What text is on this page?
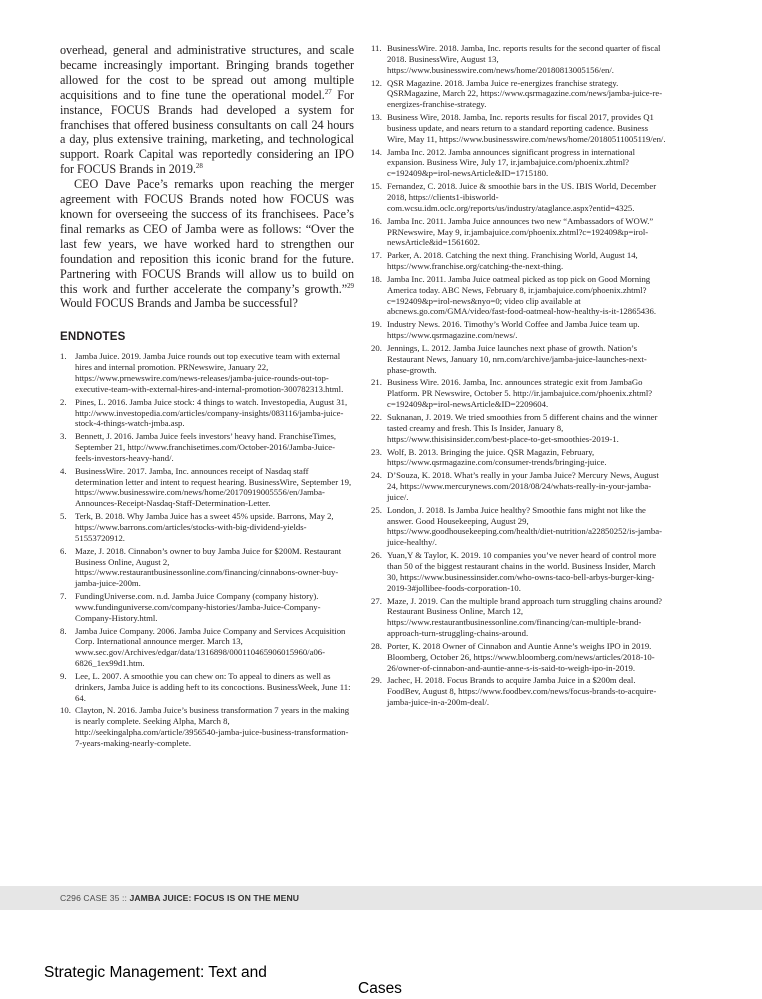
overhead, general and administrative structures, and scale became increasingly important. Bringing brands together allowed for the cost to be spread out among multiple acquisitions and to fine tune the operational model.$^{27}$ For instance, FOCUS Brands had developed a system for franchises that offered business consultants on call 24 hours a day, plus extensive training, marketing, and technological support. Roark Capital was reportedly considering an IPO for FOCUS Brands in 2019.28

CEO Dave Pace’s remarks upon reaching the merger agreement with FOCUS Brands noted how FOCUS was known for overseeing the success of its franchisees. Pace’s final remarks as CEO of Jamba were as follows: “Over the last few years, we have worked hard to strengthen our foundation and reposition this iconic brand for the future. Partnering with FOCUS Brands will allow us to build on this work and further accelerate the company’s growth.”$^{29}$ Would FOCUS Brands and Jamba be successful?

ENDNOTES
1. Jamba Juice. 2019. Jamba Juice rounds out top executive team with external hires and internal promotion. PRNewswire, January 22, https://www.prnewswire.com/news-releases/jamba-juice-rounds-out-top-executive-team-with-external-hires-and-internal-promotion-300782313.html.
2. Pines, L. 2016. Jamba Juice stock: 4 things to watch. Investopedia, August 31, http://www.investopedia.com/articles/company-insights/083116/jamba-juice-stock-4-things-watch-jmba.asp.
3. Bennett, J. 2016. Jamba Juice feels investors’ heavy hand. FranchiseTimes, September 21, http://www.franchisetimes.com/October-2016/Jamba-Juice-feels-investors-heavy-hand/.
4. BusinessWire. 2017. Jamba, Inc. announces receipt of Nasdaq staff determination letter and intent to request hearing. BusinessWire, September 19, https://www.businesswire.com/news/home/20170919005556/en/Jamba-Announces-Receipt-Nasdaq-Staff-Determination-Letter.
5. Terk, B. 2018. Why Jamba Juice has a sweet 45% upside. Barrons, May 2, https://www.barrons.com/articles/stocks-with-big-dividend-yields-51553720912.
6. Maze, J. 2018. Cinnabon’s owner to buy Jamba Juice for $200M. Restaurant Business Online, August 2, https://www.restaurantbusinessonline.com/financing/cinnabons-owner-buy-jamba-juice-200m.
7. FundingUniverse.com. n.d. Jamba Juice Company (company history). www.fundinguniverse.com/company-histories/Jamba-Juice-Company-Company-History.html.
8. Jamba Juice Company. 2006. Jamba Juice Company and Services Acquisition Corp. International announce merger. March 13, www.sec.gov/Archives/edgar/data/1316898/000110465906015960/a06-6826_1ex99d1.htm.
9. Lee, L. 2007. A smoothie you can chew on: To appeal to diners as well as drinkers, Jamba Juice is adding heft to its concoctions. BusinessWeek, June 11: 64.
10. Clayton, N. 2016. Jamba Juice’s business transformation 7 years in the making is nearly complete. Seeking Alpha, March 8, http://seekingalpha.com/article/3956540-jamba-juice-business-transformation-7-years-making-nearly-complete.
11. BusinessWire. 2018. Jamba, Inc. reports results for the second quarter of fiscal 2018. BusinessWire, August 13, https://www.businesswire.com/news/home/20180813005156/en/.
12. QSR Magazine. 2018. Jamba Juice re-energizes franchise strategy. QSRMagazine, March 22, https://www.qsrmagazine.com/news/jamba-juice-re-energizes-franchise-strategy.
13. Business Wire, 2018. Jamba, Inc. reports results for fiscal 2017, provides Q1 business update, and nears return to a standard reporting cadence. Business Wire, May 11, https://www.businesswire.com/news/home/20180511005119/en/.
14. Jamba Inc. 2012. Jamba announces significant progress in international expansion. Business Wire, July 17, ir.jambajuice.com/phoenix.zhtml?c=192409&p=irol-newsArticle&ID=1715180.
15. Fernandez, C. 2018. Juice & smoothie bars in the US. IBIS World, December 2018, https://clients1-ibisworld-com.wcsu.idm.oclc.org/reports/us/industry/ataglance.aspx?entid=4325.
16. Jamba Inc. 2011. Jamba Juice announces two new “Ambassadors of WOW.” PRNewswire, May 9, ir.jambajuice.com/phoenix.zhtml?c=192409&p=irol-newsArticle&id=1561602.
17. Parker, A. 2018. Catching the next thing. Franchising World, August 14, https://www.franchise.org/catching-the-next-thing.
18. Jamba Inc. 2011. Jamba Juice oatmeal picked as top pick on Good Morning America today. ABC News, February 8, ir.jambajuice.com/phoenix.zhtml?c=192409&p=irol-news&nyo=0; video clip available at abcnews.go.com/GMA/video/fast-food-oatmeal-how-healthy-is-it-12865436.
19. Industry News. 2016. Timothy’s World Coffee and Jamba Juice team up. https://www.qsrmagazine.com/news/.
20. Jennings, L. 2012. Jamba Juice launches next phase of growth. Nation’s Restaurant News, January 10, nrn.com/archive/jamba-juice-launches-next-phase-growth.
21. Business Wire. 2016. Jamba, Inc. announces strategic exit from JambaGo Platform. PR Newswire, October 5. http://ir.jambajuice.com/phoenix.zhtml?c=192409&p=irol-newsArticle&ID=2209604.
22. Suknanan, J. 2019. We tried smoothies from 5 different chains and the winner tasted creamy and fresh. This Is Insider, January 8, https://www.thisisinsider.com/best-place-to-get-smoothies-2019-1.
23. Wolf, B. 2013. Bringing the juice. QSR Magazin, February, https://www.qsrmagazine.com/consumer-trends/bringing-juice.
24. D’Souza, K. 2018. What’s really in your Jamba Juice? Mercury News, August 24, https://www.mercurynews.com/2018/08/24/whats-really-in-your-jamba-juice/.
25. London, J. 2018. Is Jamba Juice healthy? Smoothie fans might not like the answer. Good Housekeeping, August 29, https://www.goodhousekeeping.com/health/diet-nutrition/a22850252/is-jamba-juice-healthy/.
26. Yuan,Y & Taylor, K. 2019. 10 companies you’ve never heard of control more than 50 of the biggest restaurant chains in the world. Business Insider, March 30, https://www.businessinsider.com/who-owns-taco-bell-arbys-burger-king-2019-3#jollibee-foods-corporation-10.
27. Maze, J. 2019. Can the multiple brand approach turn struggling chains around? Restaurant Business Online, March 12, https://www.restaurantbusinessonline.com/financing/can-multiple-brand-approach-turn-struggling-chains-around.
28. Porter, K. 2018 Owner of Cinnabon and Auntie Anne’s weighs IPO in 2019. Bloomberg, October 26, https://www.bloomberg.com/news/articles/2018-10-26/owner-of-cinnabon-and-auntie-anne-s-is-said-to-weigh-ipo-in-2019.
29. Jachec, H. 2018. Focus Brands to acquire Jamba Juice in a $200m deal. FoodBev, August 8, https://www.foodbev.com/news/focus-brands-to-acquire-jamba-juice-in-a-200m-deal/.
C296 CASE 35 :: JAMBA JUICE: FOCUS IS ON THE MENU
Strategic Management: Text and
Cases
